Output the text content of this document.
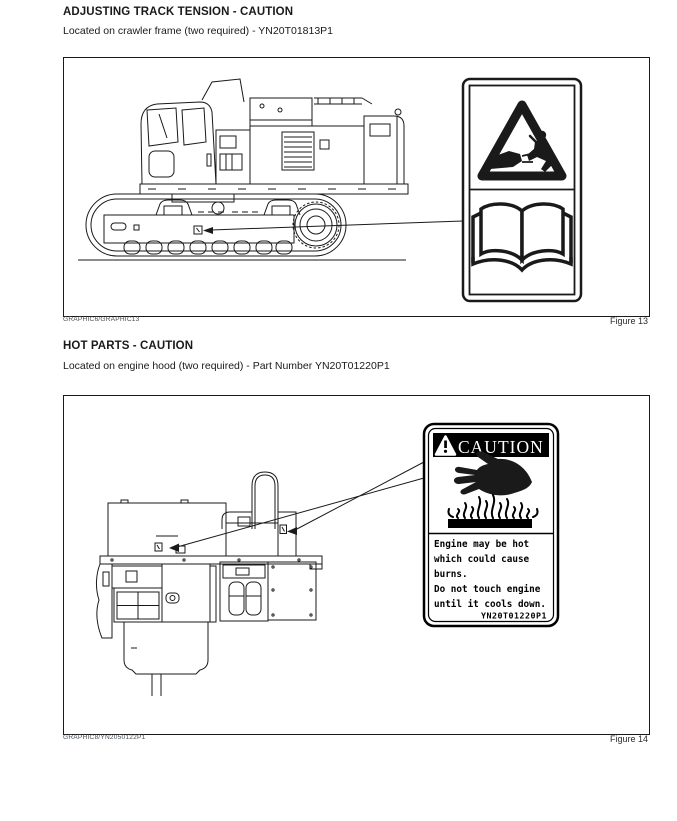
ADJUSTING TRACK TENSION - CAUTION
Located on crawler frame (two required) - YN20T01813P1
GRAPHIC6/GRAPHIC13	Figure 13
HOT PARTS - CAUTION
Located on engine hood (two required) - Part Number YN20T01220P1
CAUTION
Engine may be hot
which could cause
burns.
Do not touch engine
until it cools down.
YN20T01220P1
GRAPHIC8/YN2050122P1	Figure 14
